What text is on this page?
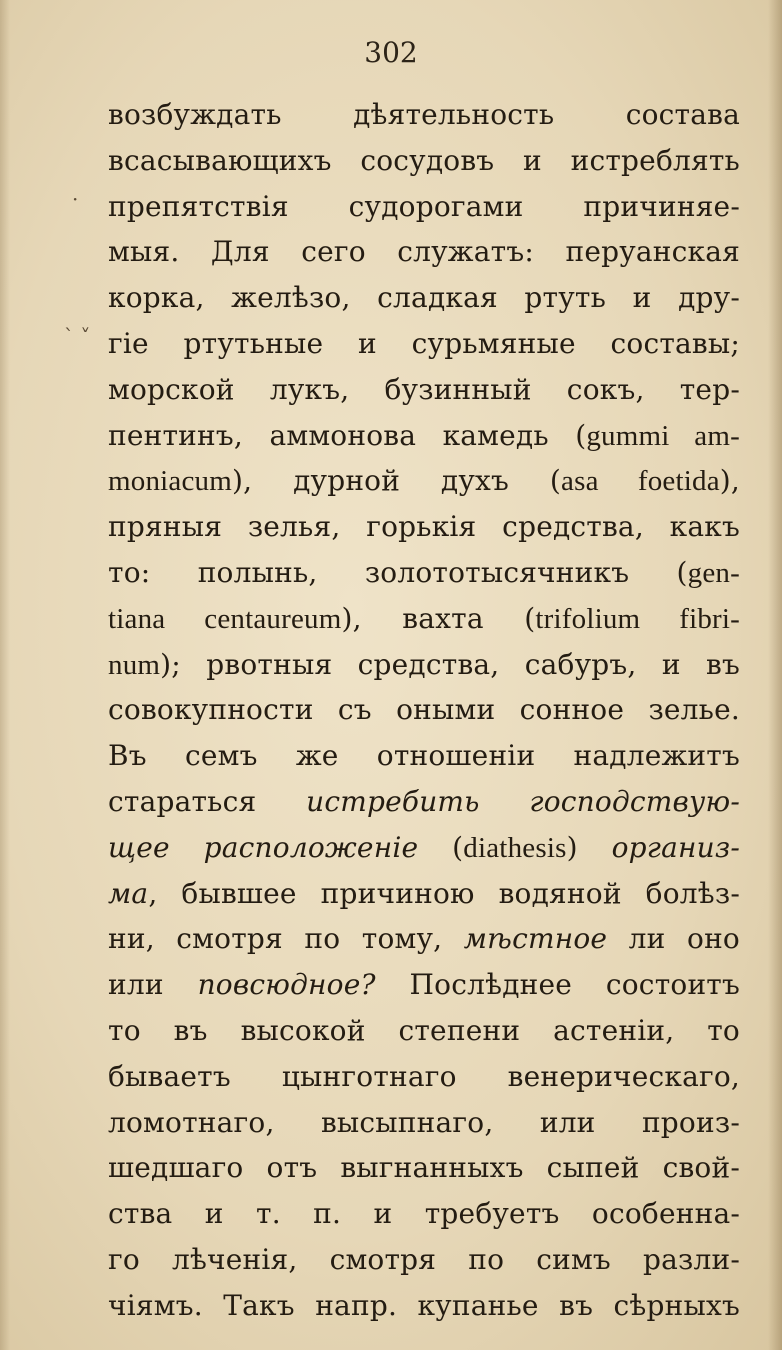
302
·
` ˅
возбуждать дѣятельность состава
всасывающихъ сосудовъ и истреблять
препятствія судорогами причиняе-
мыя. Для сего служатъ: перуанская
корка, желѣзо, сладкая ртуть и дру-
гіе ртутьные и сурьмяные составы;
морской лукъ, бузинный сокъ, тер-
пентинъ, аммонова камедь (gummi am-
moniacum), дурной духъ (asa foetida),
пряныя зелья, горькія средства, какъ
то: полынь, золототысячникъ (gen-
tiana centaureum), вахта (trifolium fibri-
num); рвотныя средства, сабуръ, и въ
совокупности съ оными сонное зелье.
Въ семъ же отношеніи надлежитъ
стараться истребить господствую-
щее расположеніе (diathesis) организ-
ма, бывшее причиною водяной болѣз-
ни, смотря по тому, мѣстное ли оно
или повсюдное? Послѣднее состоитъ
то въ высокой степени астеніи, то
бываетъ цынготнаго венерическаго,
ломотнаго, высыпнаго, или произ-
шедшаго отъ выгнанныхъ сыпей свой-
ства и т. п. и требуетъ особенна-
го лѣченія, смотря по симъ разли-
чіямъ. Такъ напр. купанье въ сѣрныхъ
